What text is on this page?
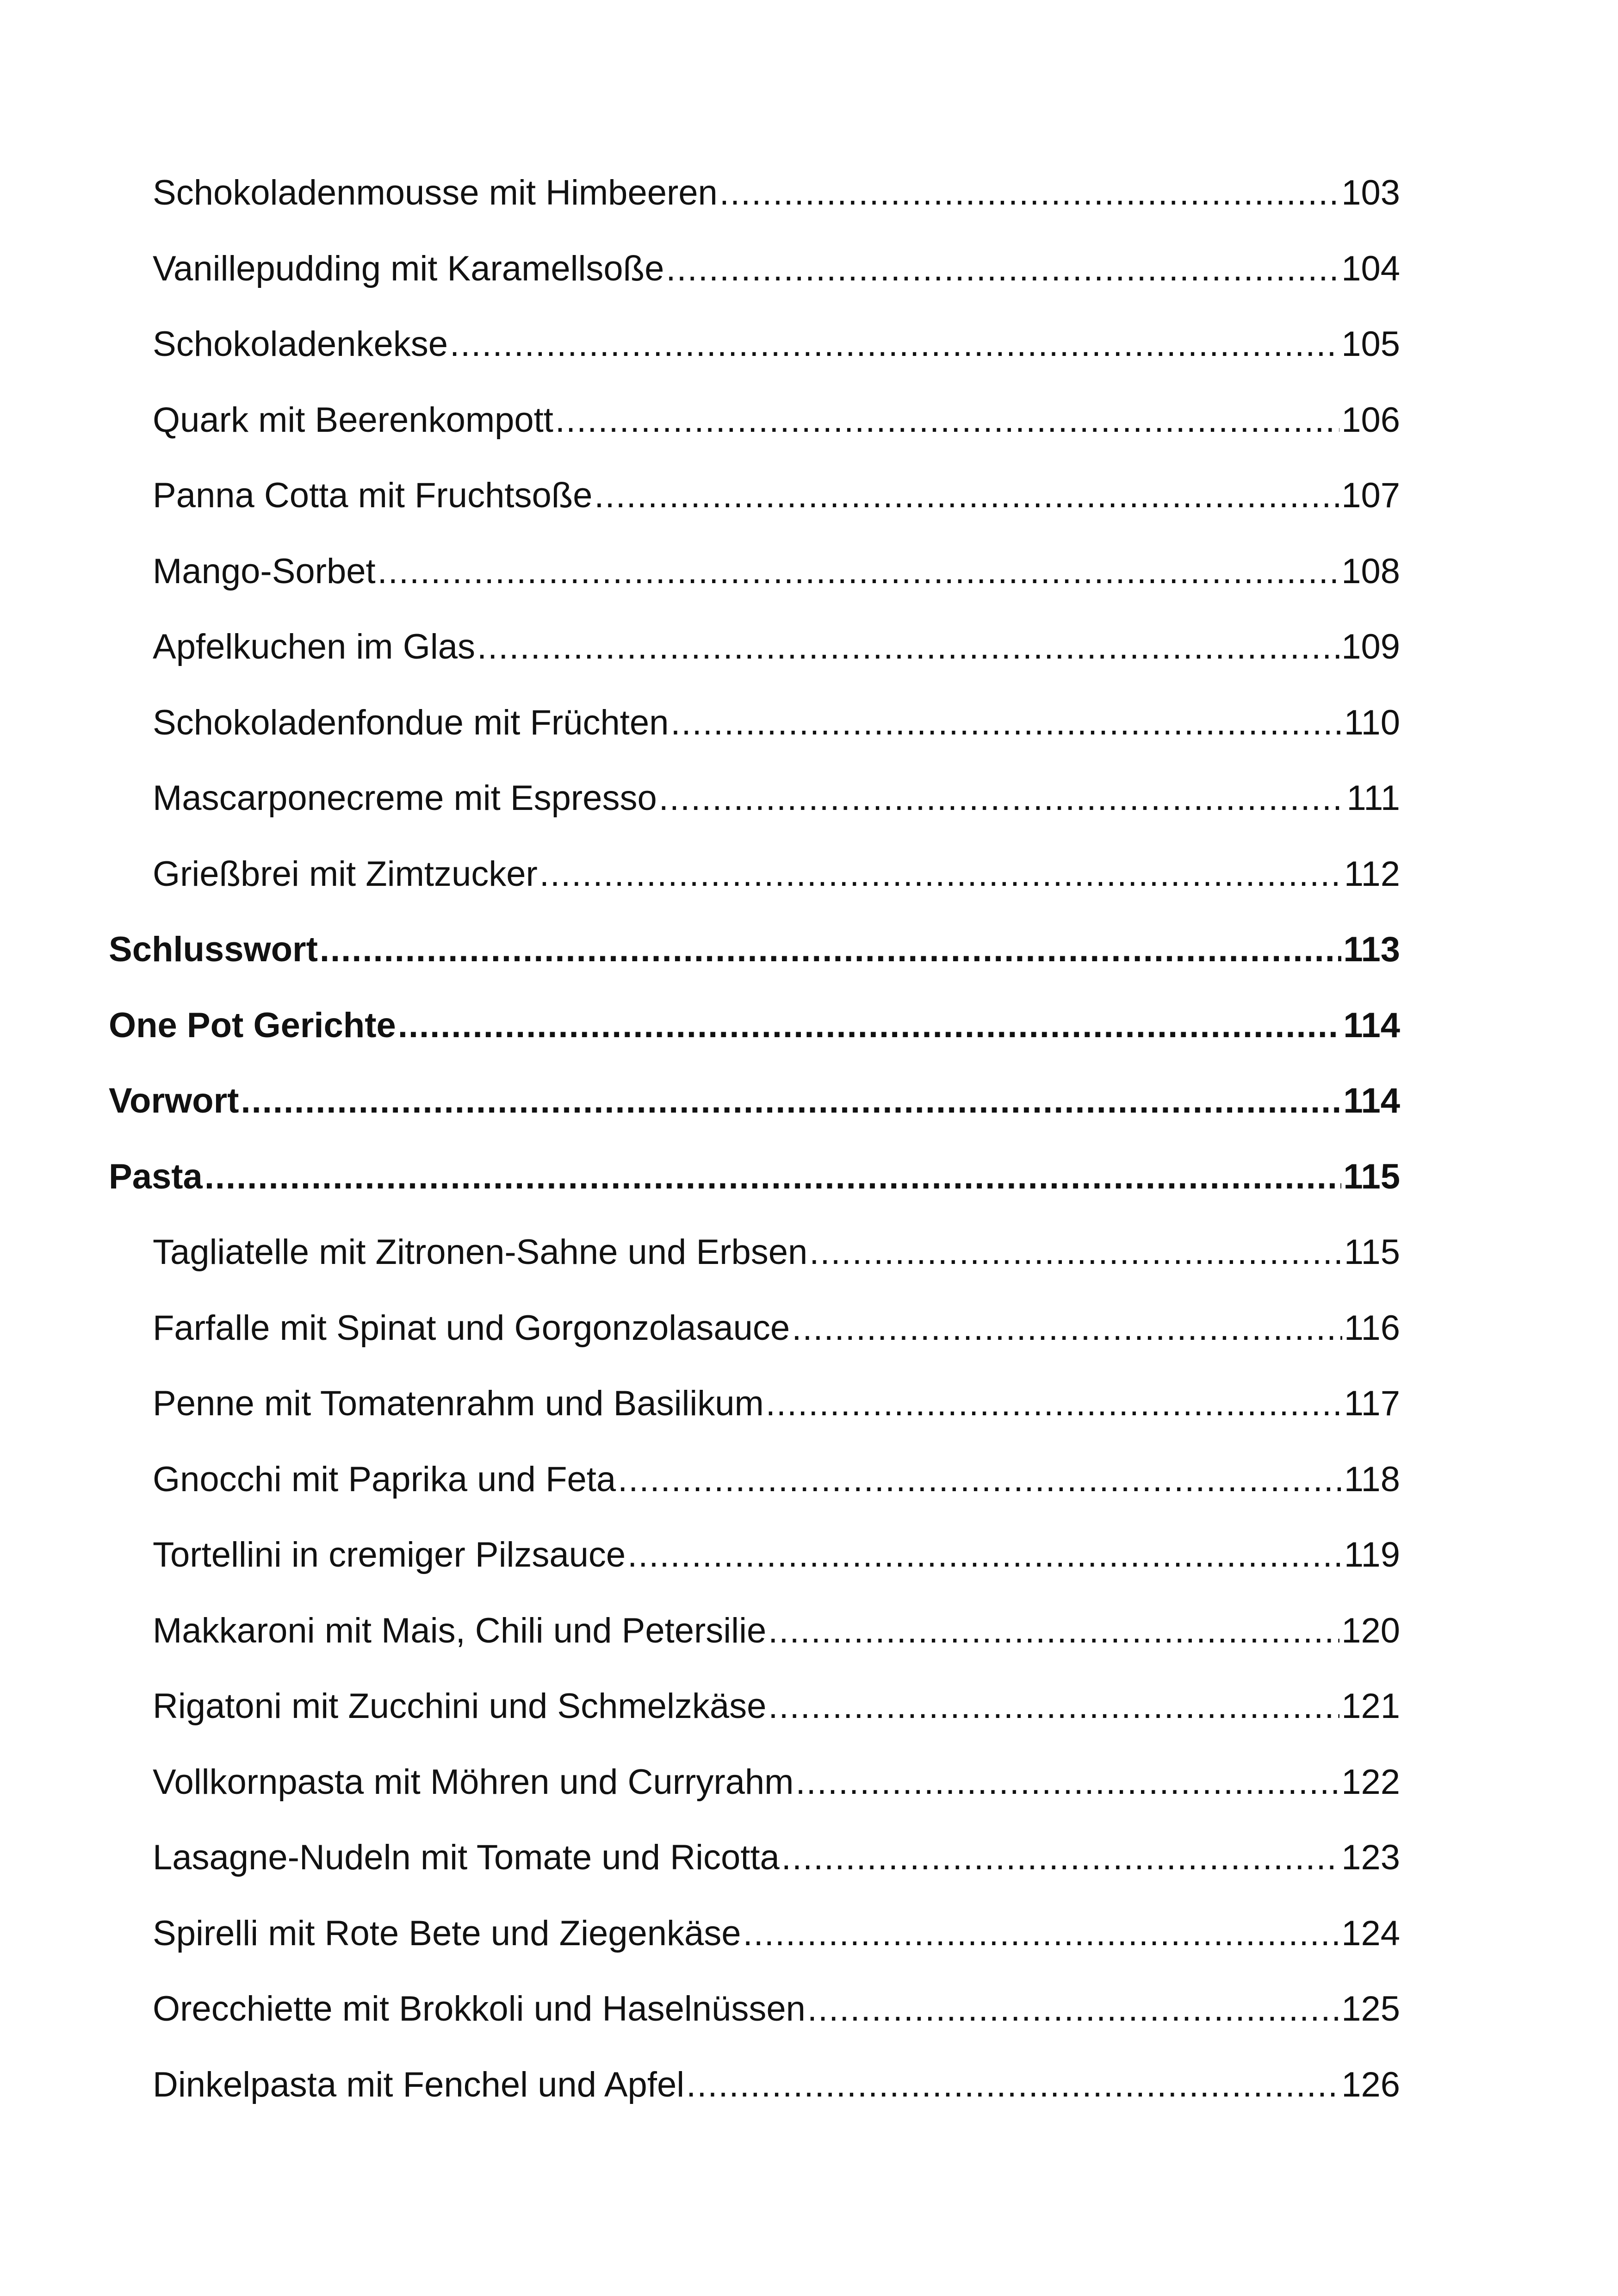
Schokoladenmousse mit Himbeeren .....	103
Vanillepudding mit Karamellsoße .....	104
Schokoladenkekse .....	105
Quark mit Beerenkompott .....	106
Panna Cotta mit Fruchtsoße .....	107
Mango-Sorbet .....	108
Apfelkuchen im Glas .....	109
Schokoladenfondue mit Früchten .....	110
Mascarponecreme mit Espresso .....	111
Grießbrei mit Zimtzucker .....	112
Schlusswort .....	113
One Pot Gerichte .....	114
Vorwort .....	114
Pasta .....	115
Tagliatelle mit Zitronen-Sahne und Erbsen .....	115
Farfalle mit Spinat und Gorgonzolasauce .....	116
Penne mit Tomatenrahm und Basilikum .....	117
Gnocchi mit Paprika und Feta .....	118
Tortellini in cremiger Pilzsauce .....	119
Makkaroni mit Mais, Chili und Petersilie .....	120
Rigatoni mit Zucchini und Schmelzkäse .....	121
Vollkornpasta mit Möhren und Curryrahm .....	122
Lasagne-Nudeln mit Tomate und Ricotta .....	123
Spirelli mit Rote Bete und Ziegenkäse .....	124
Orecchiette mit Brokkoli und Haselnüssen .....	125
Dinkelpasta mit Fenchel und Apfel .....	126
